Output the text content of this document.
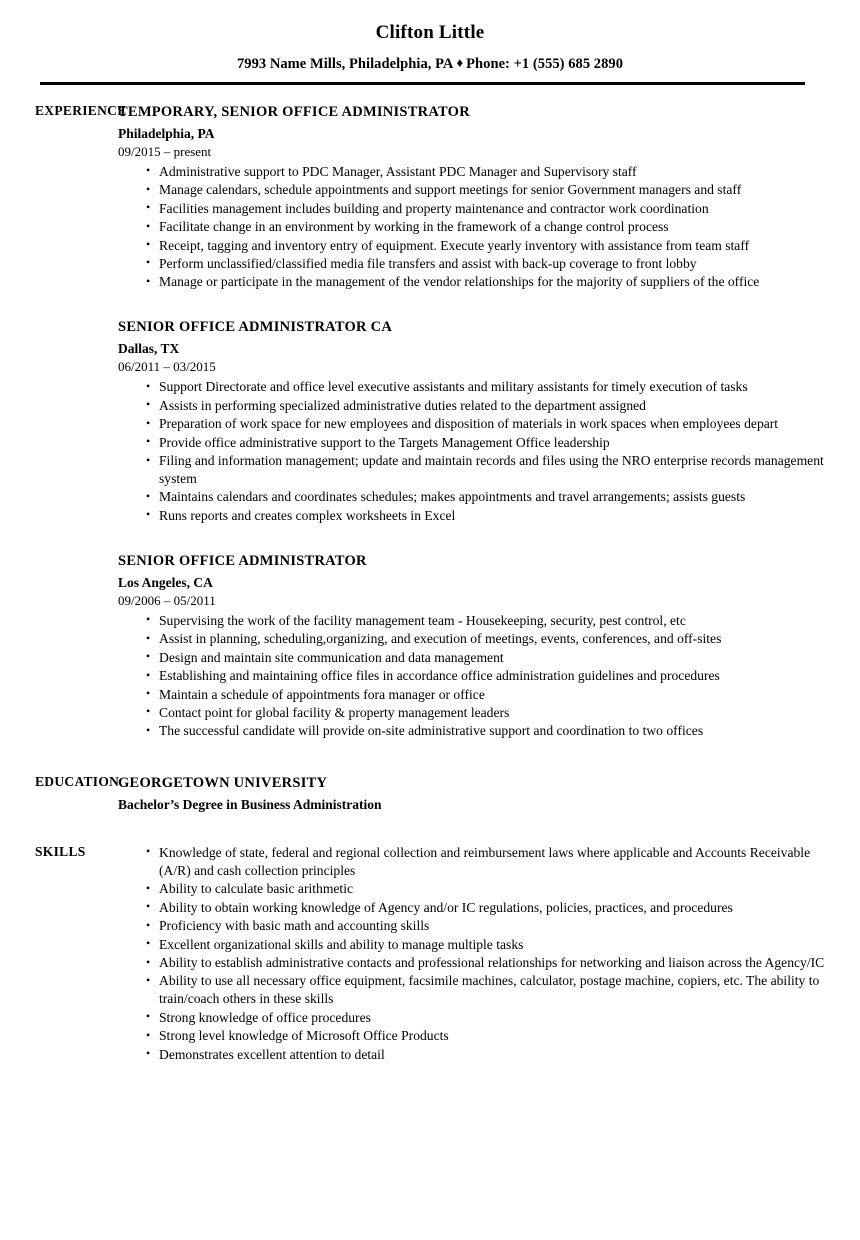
Clifton Little

7993 Name Mills, Philadelphia, PA ♦ Phone: +1 (555) 685 2890

EXPERIENCE
TEMPORARY, SENIOR OFFICE ADMINISTRATOR
Philadelphia, PA
09/2015 – present
• Administrative support to PDC Manager, Assistant PDC Manager and Supervisory staff
• Manage calendars, schedule appointments and support meetings for senior Government managers and staff
• Facilities management includes building and property maintenance and contractor work coordination
• Facilitate change in an environment by working in the framework of a change control process
• Receipt, tagging and inventory entry of equipment. Execute yearly inventory with assistance from team staff
• Perform unclassified/classified media file transfers and assist with back-up coverage to front lobby
• Manage or participate in the management of the vendor relationships for the majority of suppliers of the office
SENIOR OFFICE ADMINISTRATOR CA
Dallas, TX
06/2011 – 03/2015
• Support Directorate and office level executive assistants and military assistants for timely execution of tasks
• Assists in performing specialized administrative duties related to the department assigned
• Preparation of work space for new employees and disposition of materials in work spaces when employees depart
• Provide office administrative support to the Targets Management Office leadership
• Filing and information management; update and maintain records and files using the NRO enterprise records management system
• Maintains calendars and coordinates schedules; makes appointments and travel arrangements; assists guests
• Runs reports and creates complex worksheets in Excel
SENIOR OFFICE ADMINISTRATOR
Los Angeles, CA
09/2006 – 05/2011
• Supervising the work of the facility management team - Housekeeping, security, pest control, etc
• Assist in planning, scheduling,organizing, and execution of meetings, events, conferences, and off-sites
• Design and maintain site communication and data management
• Establishing and maintaining office files in accordance office administration guidelines and procedures
• Maintain a schedule of appointments fora manager or office
• Contact point for global facility & property management leaders
• The successful candidate will provide on-site administrative support and coordination to two offices
EDUCATION
GEORGETOWN UNIVERSITY
Bachelor’s Degree in Business Administration
SKILLS	• Knowledge of state, federal and regional collection and reimbursement laws where applicable and Accounts Receivable (A/R) and cash collection principles
• Ability to calculate basic arithmetic
• Ability to obtain working knowledge of Agency and/or IC regulations, policies, practices, and procedures
• Proficiency with basic math and accounting skills
• Excellent organizational skills and ability to manage multiple tasks
• Ability to establish administrative contacts and professional relationships for networking and liaison across the Agency/IC
• Ability to use all necessary office equipment, facsimile machines, calculator, postage machine, copiers, etc. The ability to train/coach others in these skills
• Strong knowledge of office procedures
• Strong level knowledge of Microsoft Office Products
• Demonstrates excellent attention to detail
